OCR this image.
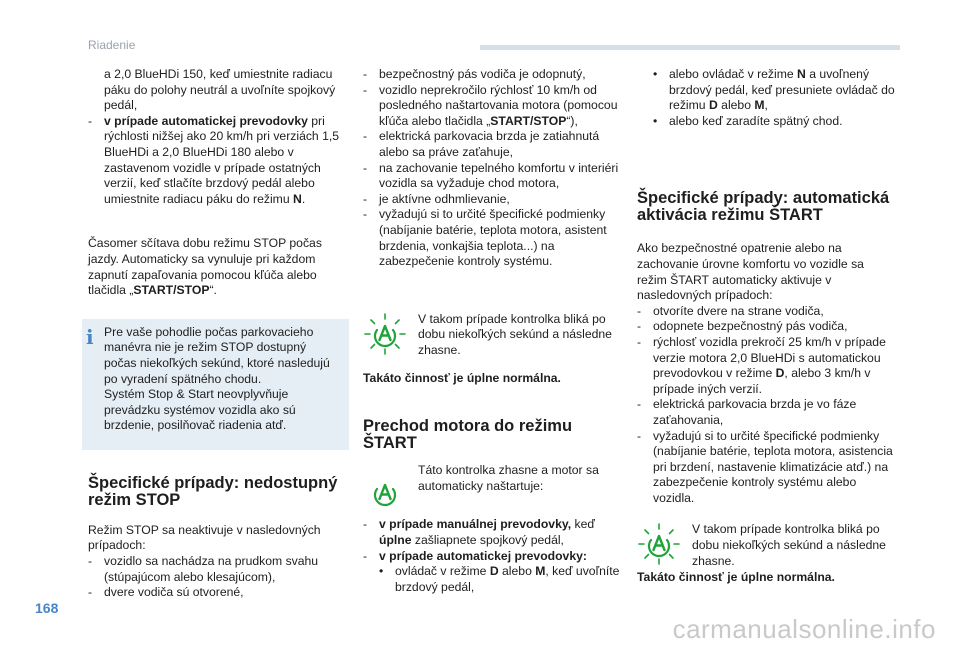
Riadenie
a 2,0 BlueHDi 150, keď umiestnite radiacu páku do polohy neutrál a uvoľníte spojkový pedál,
- v prípade automatickej prevodovky pri rýchlosti nižšej ako 20 km/h pri verziách 1,5 BlueHDi a 2,0 BlueHDi 180 alebo v zastavenom vozidle v prípade ostatných verzií, keď stlačíte brzdový pedál alebo umiestnite radiacu páku do režimu N.
Časomer sčítava dobu režimu STOP počas jazdy. Automaticky sa vynuluje pri každom zapnutí zapaľovania pomocou kľúča alebo tlačidla „START/STOP“.
i Pre vaše pohodlie počas parkovacieho manévra nie je režim STOP dostupný počas niekoľkých sekúnd, ktoré nasledujú po vyradení spätného chodu.
Systém Stop & Start neovplyvňuje prevádzku systémov vozidla ako sú brzdenie, posilňovač riadenia atď.
Špecifické prípady: nedostupný režim STOP
Režim STOP sa neaktivuje v nasledovných prípadoch:
- vozidlo sa nachádza na prudkom svahu (stúpajúcom alebo klesajúcom),
- dvere vodiča sú otvorené,
- bezpečnostný pás vodiča je odopnutý,
- vozidlo neprekročilo rýchlosť 10 km/h od posledného naštartovania motora (pomocou kľúča alebo tlačidla „START/STOP“),
- elektrická parkovacia brzda je zatiahnutá alebo sa práve zaťahuje,
- na zachovanie tepelného komfortu v interiéri vozidla sa vyžaduje chod motora,
- je aktívne odhmlievanie,
- vyžadujú si to určité špecifické podmienky (nabíjanie batérie, teplota motora, asistent brzdenia, vonkajšia teplota...) na zabezpečenie kontroly systému.
V takom prípade kontrolka bliká po dobu niekoľkých sekúnd a následne zhasne.
Takáto činnosť je úplne normálna.
Prechod motora do režimu ŠTART
Táto kontrolka zhasne a motor sa automaticky naštartuje:
- v prípade manuálnej prevodovky, keď úplne zašliapnete spojkový pedál,
- v prípade automatickej prevodovky:
• ovládač v režime D alebo M, keď uvoľníte brzdový pedál,
• alebo ovládač v režime N a uvoľnený brzdový pedál, keď presuniete ovládač do režimu D alebo M,
• alebo keď zaradíte spätný chod.
Špecifické prípady: automatická aktivácia režimu ŠTART
Ako bezpečnostné opatrenie alebo na zachovanie úrovne komfortu vo vozidle sa režim ŠTART automaticky aktivuje v nasledovných prípadoch:
- otvoríte dvere na strane vodiča,
- odopnete bezpečnostný pás vodiča,
- rýchlosť vozidla prekročí 25 km/h v prípade verzie motora 2,0 BlueHDi s automatickou prevodovkou v režime D, alebo 3 km/h v prípade iných verzií.
- elektrická parkovacia brzda je vo fáze zaťahovania,
- vyžadujú si to určité špecifické podmienky (nabíjanie batérie, teplota motora, asistencia pri brzdení, nastavenie klimatizácie atď.) na zabezpečenie kontroly systému alebo vozidla.
V takom prípade kontrolka bliká po dobu niekoľkých sekúnd a následne zhasne.
Takáto činnosť je úplne normálna.
168
carmanualsonline.info
